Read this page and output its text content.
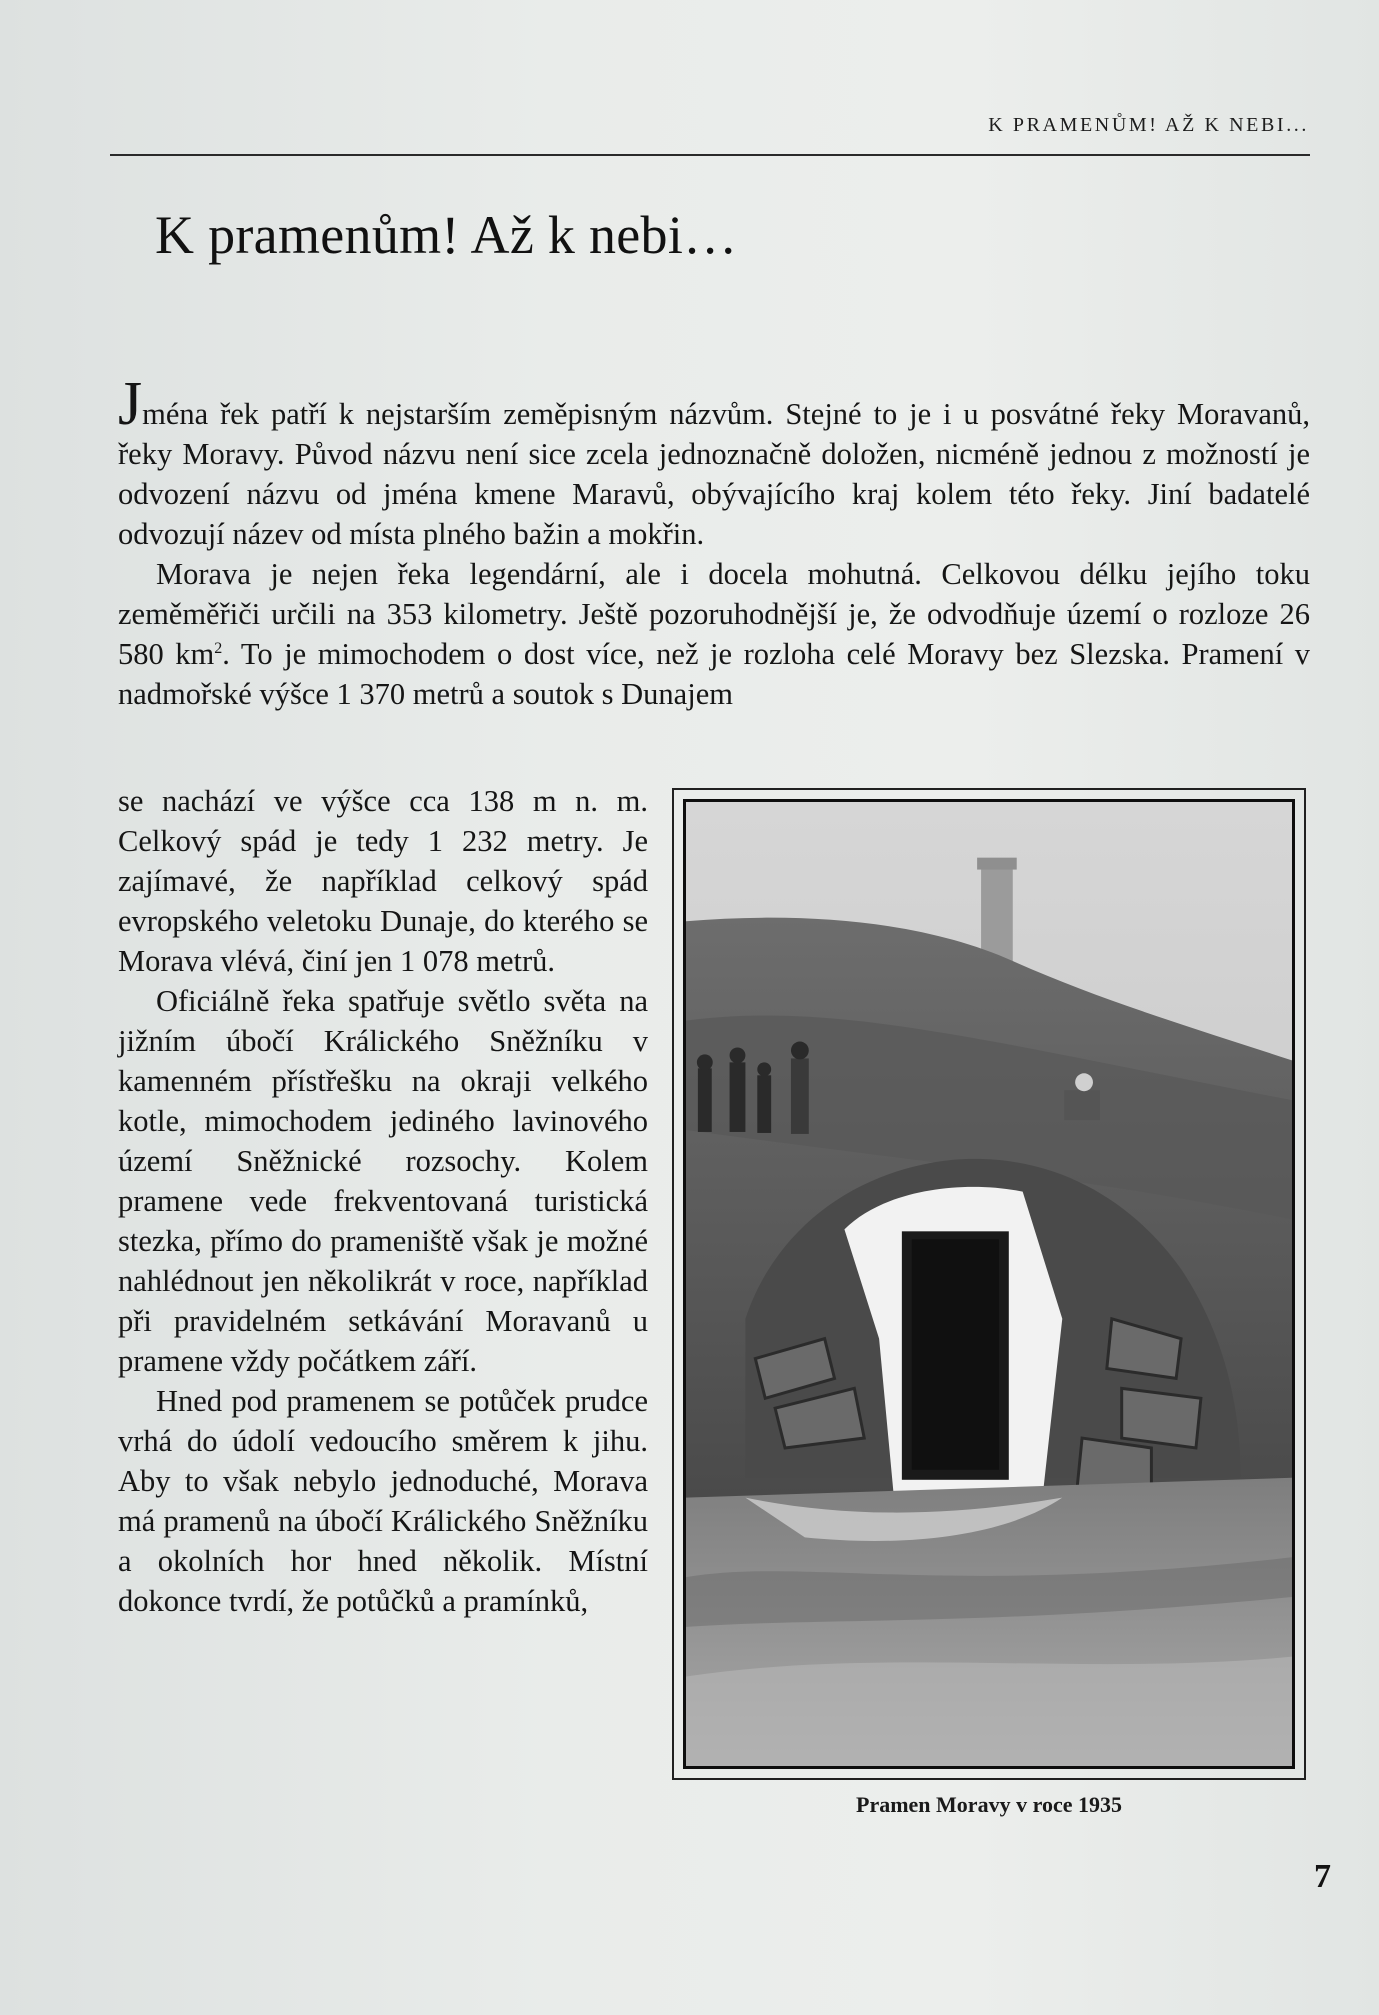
K PRAMENŮM! AŽ K NEBI...
K pramenům! Až k nebi…

Jména řek patří k nejstarším zeměpisným názvům. Stejné to je i u posvátné řeky Moravanů, řeky Moravy. Původ názvu není sice zcela jednoznačně doložen, nicméně jednou z možností je odvození názvu od jména kmene Maravů, obývajícího kraj kolem této řeky. Jiní badatelé odvozují název od místa plného bažin a mokřin.

Morava je nejen řeka legendární, ale i docela mohutná. Celkovou délku jejího toku zeměměřiči určili na 353 kilometry. Ještě pozoruhodnější je, že odvodňuje území o rozloze 26 580 $km^2$. To je mimochodem o dost více, než je rozloha celé Moravy bez Slezska. Pramení v nadmořské výšce 1 370 metrů a soutok s Dunajem

se nachází ve výšce cca 138 m n. m. Celkový spád je tedy 1 232 metry. Je zajímavé, že například celkový spád evropského veletoku Dunaje, do kterého se Morava vlévá, činí jen 1 078 metrů.

Oficiálně řeka spatřuje světlo světa na jižním úbočí Králického Sněžníku v kamenném přístřešku na okraji velkého kotle, mimochodem jediného lavinového území Sněžnické rozsochy. Kolem pramene vede frekventovaná turistická stezka, přímo do prameniště však je možné nahlédnout jen několikrát v roce, například při pravidelném setkávání Moravanů u pramene vždy počátkem září.

Hned pod pramenem se potůček prudce vrhá do údolí vedoucího směrem k jihu. Aby to však nebylo jednoduché, Morava má pramenů na úbočí Králického Sněžníku a okolních hor hned několik. Místní dokonce tvrdí, že potůčků a pramínků,

Pramen Moravy v roce 1935
7
